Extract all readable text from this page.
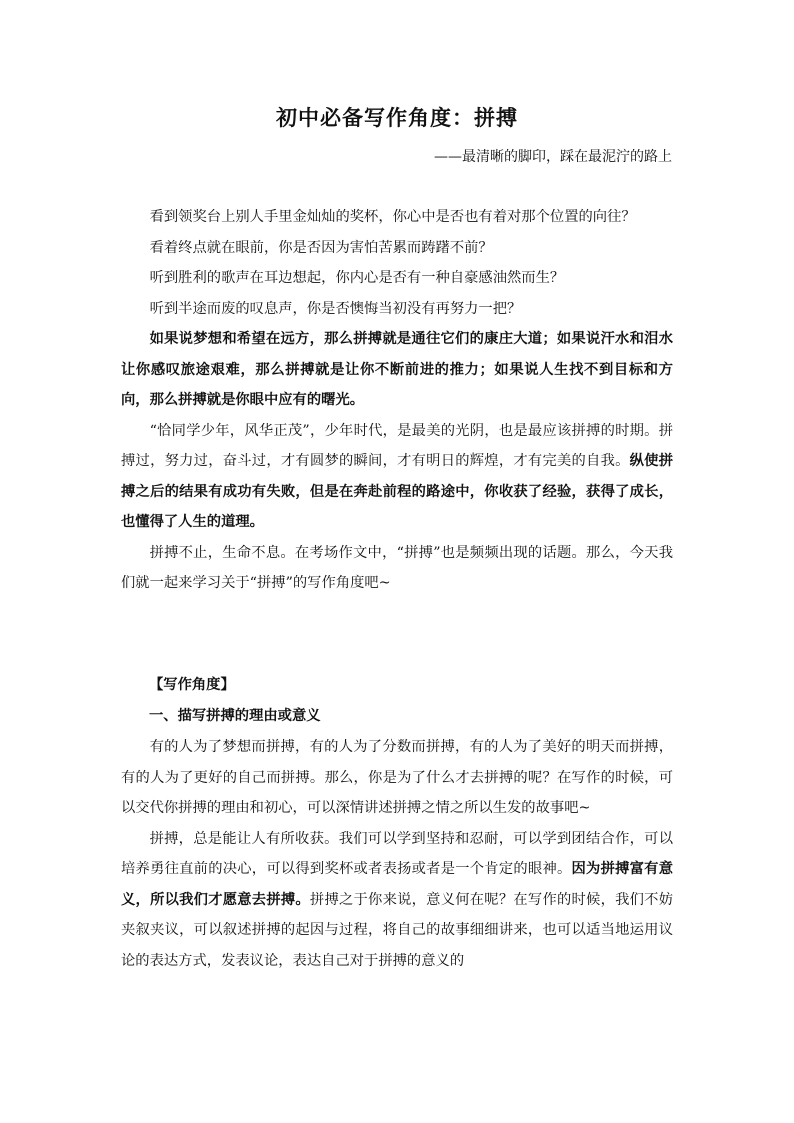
初中必备写作角度：拼搏
——最清晰的脚印，踩在最泥泞的路上

看到领奖台上别人手里金灿灿的奖杯，你心中是否也有着对那个位置的向往？

看着终点就在眼前，你是否因为害怕苦累而踌躇不前？

听到胜利的歌声在耳边想起，你内心是否有一种自豪感油然而生？

听到半途而废的叹息声，你是否懊悔当初没有再努力一把？

如果说梦想和希望在远方，那么拼搏就是通往它们的康庄大道；如果说汗水和泪水让你感叹旅途艰难，那么拼搏就是让你不断前进的推力；如果说人生找不到目标和方向，那么拼搏就是你眼中应有的曙光。

“恰同学少年，风华正茂”，少年时代，是最美的光阴，也是最应该拼搏的时期。拼搏过，努力过，奋斗过，才有圆梦的瞬间，才有明日的辉煌，才有完美的自我。纵使拼搏之后的结果有成功有失败，但是在奔赴前程的路途中，你收获了经验，获得了成长，也懂得了人生的道理。

拼搏不止，生命不息。在考场作文中，“拼搏”也是频频出现的话题。那么，今天我们就一起来学习关于“拼搏”的写作角度吧~

【写作角度】
一、描写拼搏的理由或意义

有的人为了梦想而拼搏，有的人为了分数而拼搏，有的人为了美好的明天而拼搏，有的人为了更好的自己而拼搏。那么，你是为了什么才去拼搏的呢？在写作的时候，可以交代你拼搏的理由和初心，可以深情讲述拼搏之情之所以生发的故事吧~

拼搏，总是能让人有所收获。我们可以学到坚持和忍耐，可以学到团结合作，可以培养勇往直前的决心，可以得到奖杯或者表扬或者是一个肯定的眼神。因为拼搏富有意义，所以我们才愿意去拼搏。拼搏之于你来说，意义何在呢？在写作的时候，我们不妨夹叙夹议，可以叙述拼搏的起因与过程，将自己的故事细细讲来，也可以适当地运用议论的表达方式，发表议论，表达自己对于拼搏的意义的
